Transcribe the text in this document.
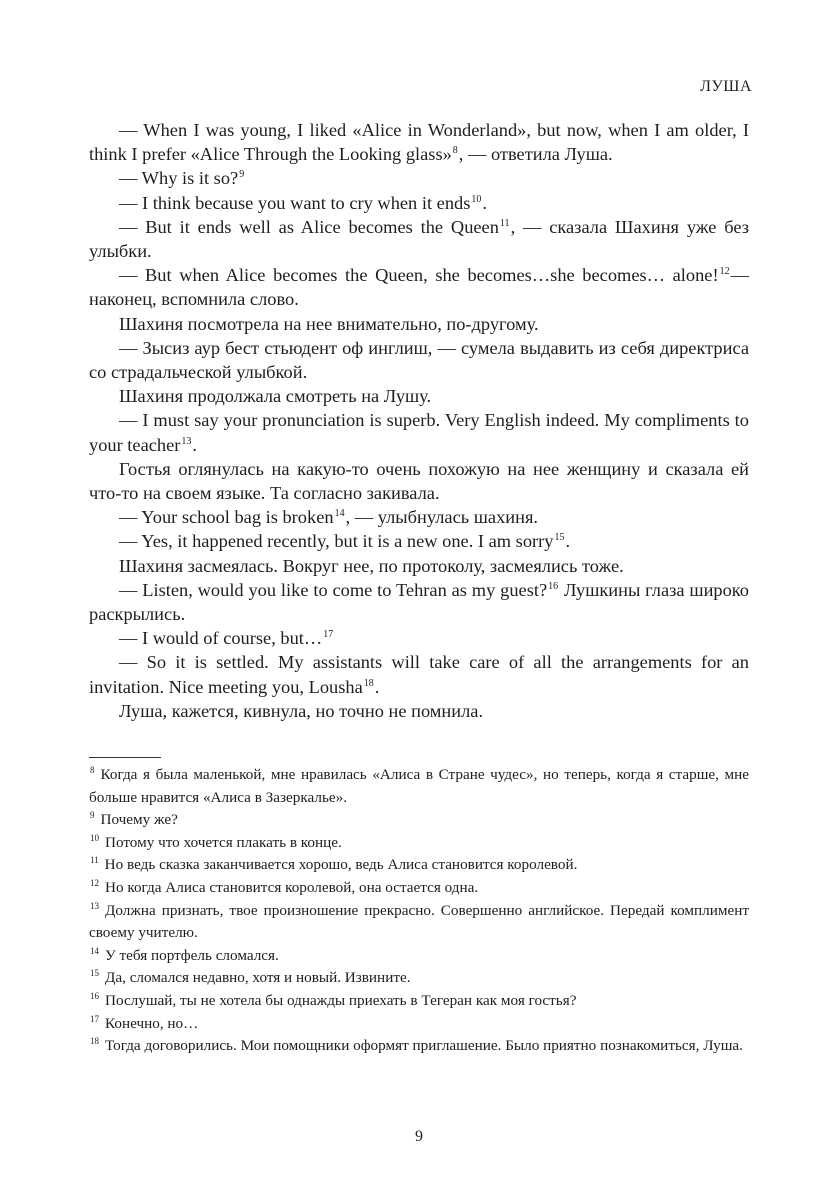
ЛУША

— When I was young, I liked «Alice in Wonderland», but now, when I am older, I think I prefer «Alice Through the Looking glass»$^8$, — ответила Луша.

— Why is it so?$^9$

— I think because you want to cry when it ends$^{10}$.

— But it ends well as Alice becomes the Queen$^{11}$, — сказала Шахиня уже без улыбки.

— But when Alice becomes the Queen, she becomes…she becomes… alone!$^{12}$— наконец, вспомнила слово.

Шахиня посмотрела на нее внимательно, по-другому.

— Зысиз аур бест стьюдент оф инглиш, — сумела выдавить из себя директриса со страдальческой улыбкой.

Шахиня продолжала смотреть на Лушу.

— I must say your pronunciation is superb. Very English indeed. My compliments to your teacher$^{13}$.

Гостья оглянулась на какую-то очень похожую на нее женщину и сказала ей что-то на своем языке. Та согласно закивала.

— Your school bag is broken$^{14}$, — улыбнулась шахиня.

— Yes, it happened recently, but it is a new one. I am sorry$^{15}$.

Шахиня засмеялась. Вокруг нее, по протоколу, засмеялись тоже.

— Listen, would you like to come to Tehran as my guest?$^{16}$ Лушкины глаза широко раскрылись.

— I would of course, but…$^{17}$

— So it is settled. My assistants will take care of all the arrangements for an invitation. Nice meeting you, Lousha$^{18}$.

Луша, кажется, кивнула, но точно не помнила.

$^8$ Когда я была маленькой, мне нравилась «Алиса в Стране чудес», но теперь, когда я старше, мне больше нравится «Алиса в Зазеркалье».

$^9$ Почему же?

$^{10}$ Потому что хочется плакать в конце.

$^{11}$ Но ведь сказка заканчивается хорошо, ведь Алиса становится королевой.

$^{12}$ Но когда Алиса становится королевой, она остается одна.

$^{13}$ Должна признать, твое произношение прекрасно. Совершенно английское. Передай комплимент своему учителю.

$^{14}$ У тебя портфель сломался.

$^{15}$ Да, сломался недавно, хотя и новый. Извините.

$^{16}$ Послушай, ты не хотела бы однажды приехать в Тегеран как моя гостья?

$^{17}$ Конечно, но…

$^{18}$ Тогда договорились. Мои помощники оформят приглашение. Было приятно познакомиться, Луша.

9
